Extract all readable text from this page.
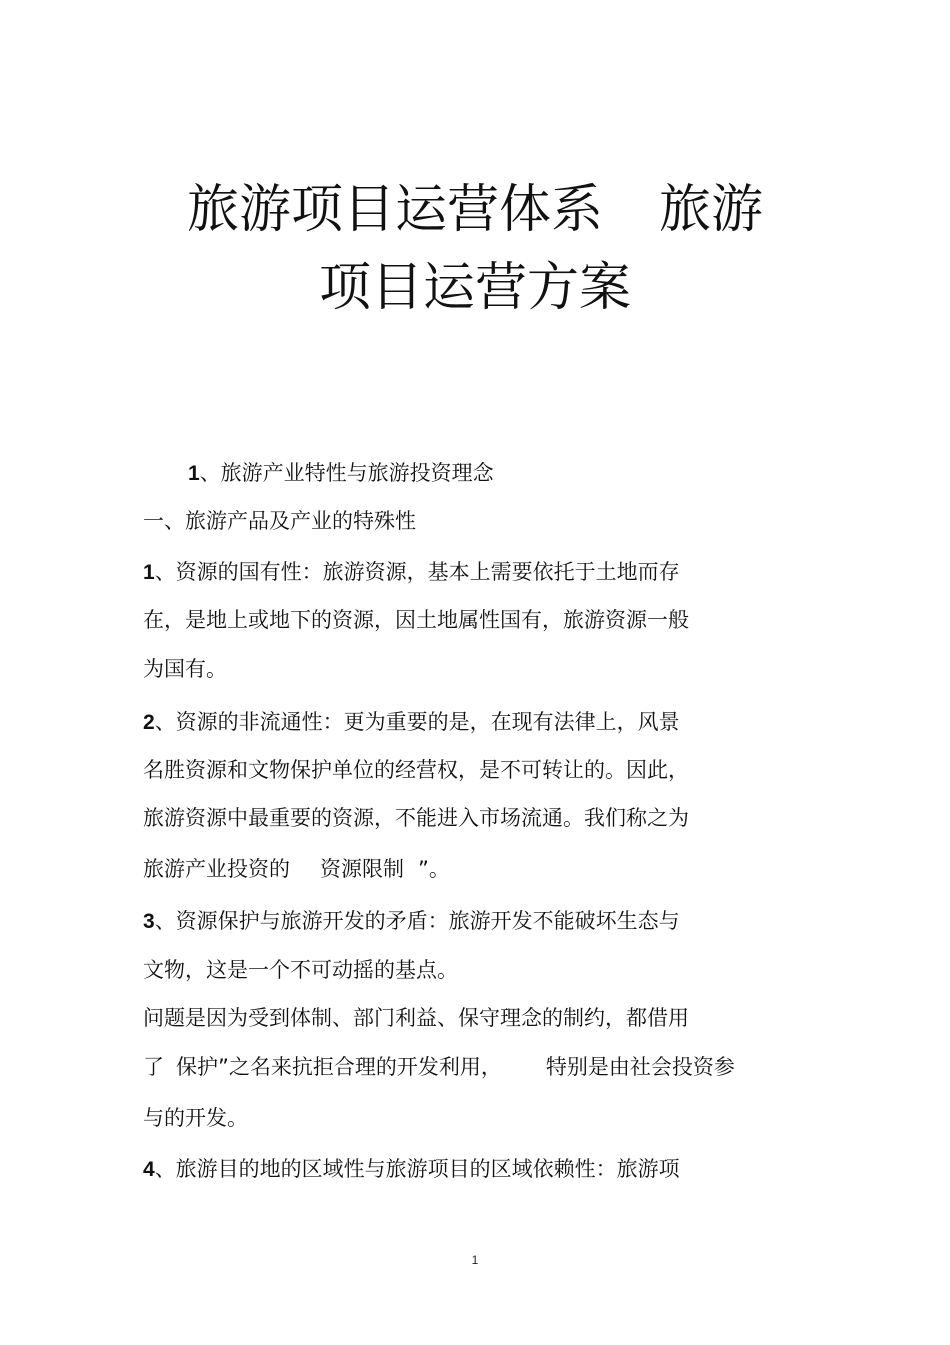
旅游项目运营体系 旅游
项目运营方案
1、旅游产业特性与旅游投资理念
一、旅游产品及产业的特殊性
1、资源的国有性：旅游资源，基本上需要依托于土地而存
在，是地上或地下的资源，因土地属性国有，旅游资源一般
为国有。
2、资源的非流通性：更为重要的是，在现有法律上，风景
名胜资源和文物保护单位的经营权，是不可转让的。因此，
旅游资源中最重要的资源，不能进入市场流通。我们称之为
旅游产业投资的 资源限制 ”。
3、资源保护与旅游开发的矛盾：旅游开发不能破坏生态与
文物，这是一个不可动摇的基点。
问题是因为受到体制、部门利益、保守理念的制约，都借用
了 保护”之名来抗拒合理的开发利用， 特别是由社会投资参
与的开发。
4、旅游目的地的区域性与旅游项目的区域依赖性：旅游项
1
